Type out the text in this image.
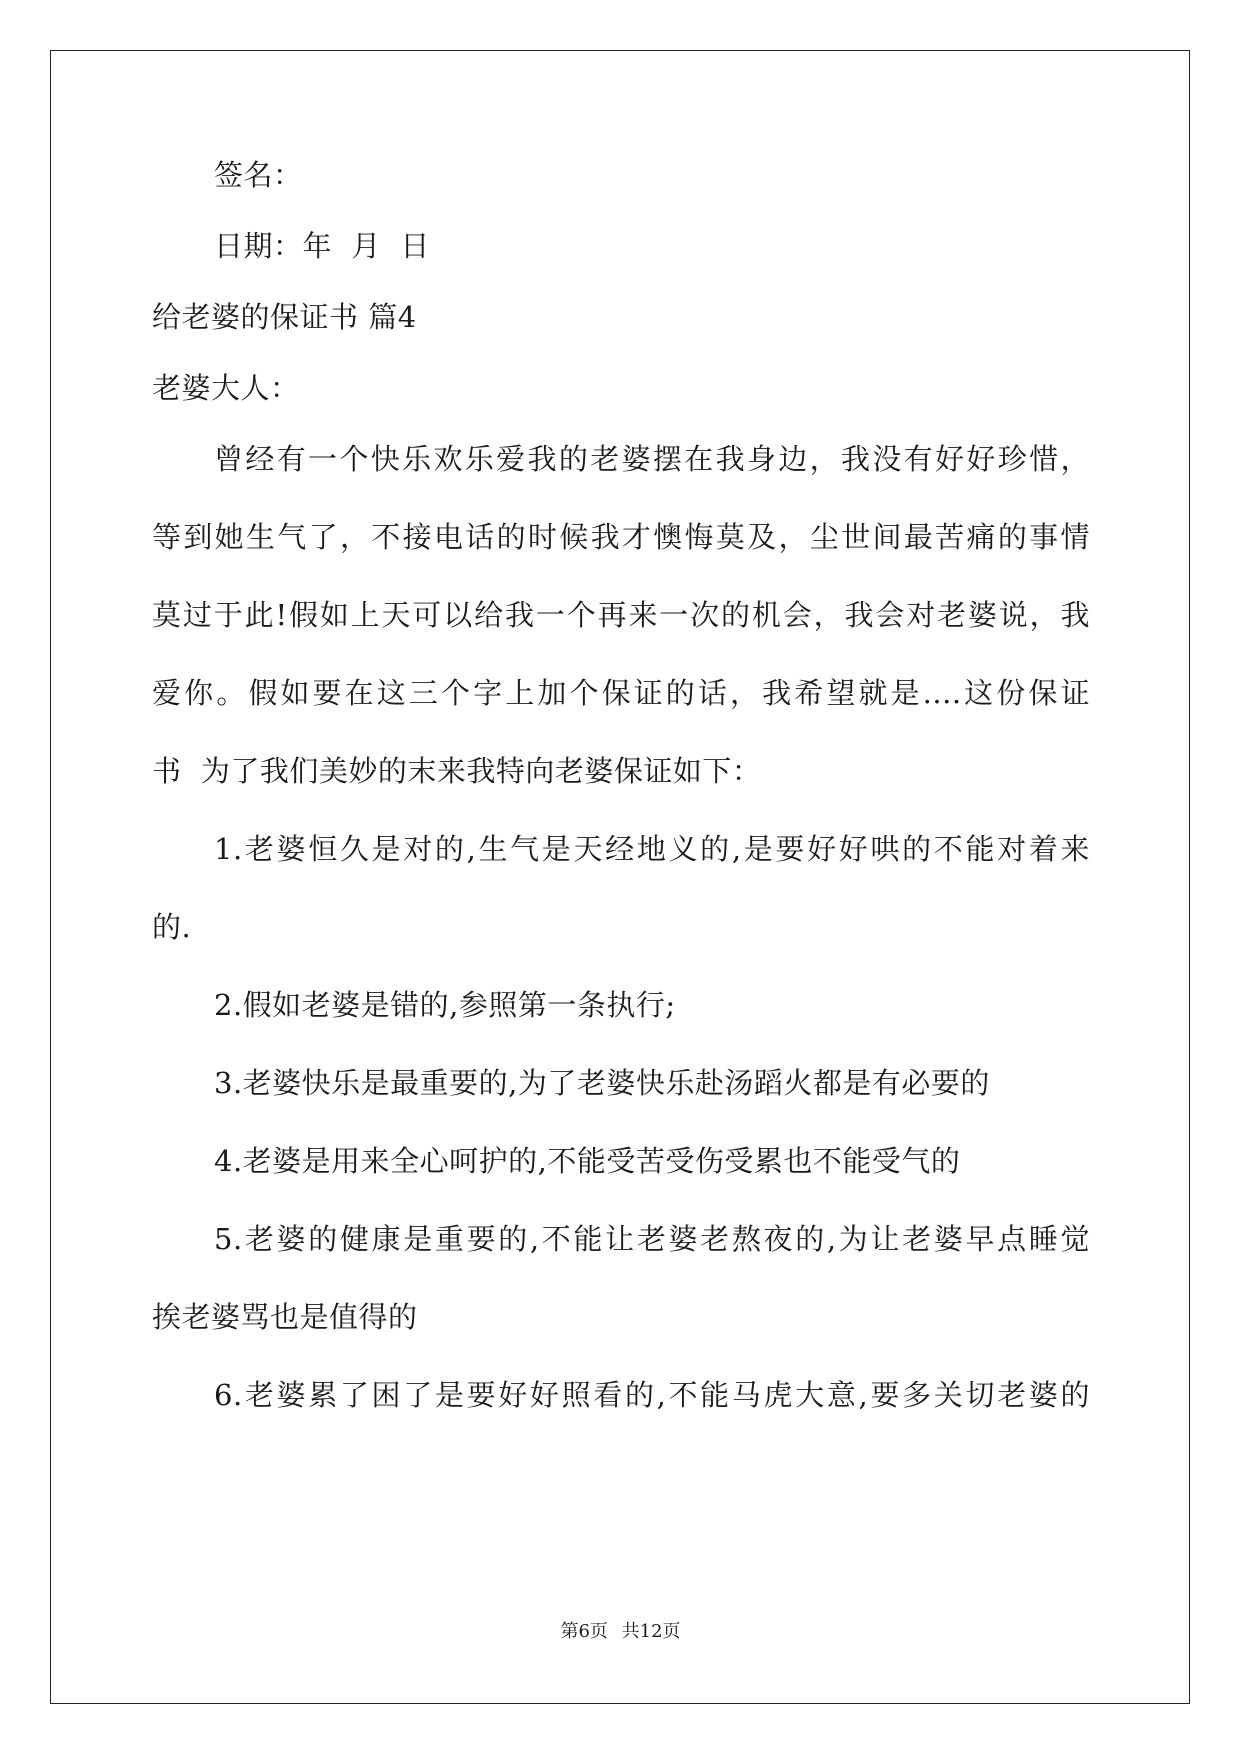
签名：
日期：年  月  日
给老婆的保证书 篇4
老婆大人：
曾经有一个快乐欢乐爱我的老婆摆在我身边，我没有好好珍惜，
等到她生气了，不接电话的时候我才懊悔莫及，尘世间最苦痛的事情
莫过于此!假如上天可以给我一个再来一次的机会，我会对老婆说，我
爱你。假如要在这三个字上加个保证的话，我希望就是....这份保证
书  为了我们美妙的末来我特向老婆保证如下：
1.老婆恒久是对的,生气是天经地义的,是要好好哄的不能对着来
的.
2.假如老婆是错的,参照第一条执行;
3.老婆快乐是最重要的,为了老婆快乐赴汤蹈火都是有必要的
4.老婆是用来全心呵护的,不能受苦受伤受累也不能受气的
5.老婆的健康是重要的,不能让老婆老熬夜的,为让老婆早点睡觉
挨老婆骂也是值得的
6.老婆累了困了是要好好照看的,不能马虎大意,要多关切老婆的
第6页 共12页
